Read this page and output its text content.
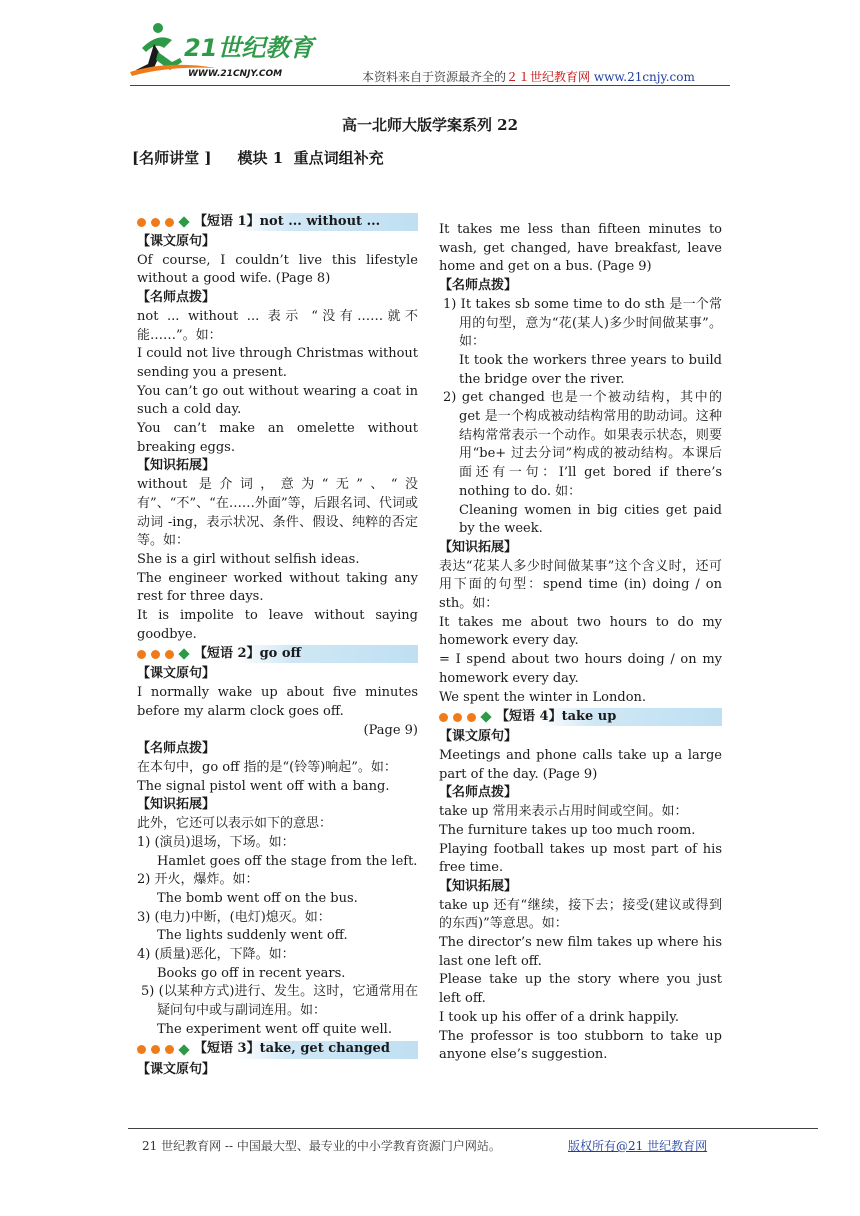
21世纪教育
WWW.21CNJY.COM	本资料来自于资源最齐全的２１世纪教育网 www.21cnjy.com
高一北师大版学案系列 22
[名师讲堂 ]     模块 1  重点词组补充
【短语 1】not ... without ...

【课文原句】

Of course, I couldn’t live this lifestyle without a good wife. (Page 8)

【名师点拨】

not ... without ... 表示 “没有……就不能……”。如：

I could not live through Christmas without sending you a present.

You can’t go out without wearing a coat in such a cold day.

You can’t make an omelette without breaking eggs.

【知识拓展】

without 是介词，意为“无”、“没有”、“不”、“在……外面”等，后跟名词、代词或动词 -ing，表示状况、条件、假设、纯粹的否定等。如：

She is a girl without selfish ideas.

The engineer worked without taking any rest for three days.

It is impolite to leave without saying goodbye.

【短语 2】go off

【课文原句】

I normally wake up about five minutes before my alarm clock goes off.

(Page 9)

【名师点拨】

在本句中，go off 指的是“(铃等)响起”。如：

The signal pistol went off with a bang.

【知识拓展】

此外，它还可以表示如下的意思：

1) (演员)退场，下场。如：

Hamlet goes off the stage from the left.

2) 开火，爆炸。如：

The bomb went off on the bus.

3) (电力)中断，(电灯)熄灭。如：

The lights suddenly went off.

4) (质量)恶化，下降。如：

Books go off in recent years.

5) (以某种方式)进行、发生。这时，它通常用在疑问句中或与副词连用。如：

The experiment went off quite well.

【短语 3】take, get changed

【课文原句】

It takes me less than fifteen minutes to wash, get changed, have breakfast, leave home and get on a bus. (Page 9)

【名师点拨】

1) It takes sb some time to do sth 是一个常用的句型，意为“花(某人)多少时间做某事”。如：

It took the workers three years to build the bridge over the river.

2) get changed 也是一个被动结构，其中的 get 是一个构成被动结构常用的助动词。这种结构常常表示一个动作。如果表示状态，则要用“be+ 过去分词”构成的被动结构。本课后面还有一句：I’ll get bored if there’s nothing to do. 如：

Cleaning women in big cities get paid by the week.

【知识拓展】

表达“花某人多少时间做某事”这个含义时，还可用下面的句型：spend time (in) doing / on sth。如：

It takes me about two hours to do my homework every day.

= I spend about two hours doing / on my homework every day.

We spent the winter in London.

【短语 4】take up

【课文原句】

Meetings and phone calls take up a large part of the day. (Page 9)

【名师点拨】

take up 常用来表示占用时间或空间。如：

The furniture takes up too much room.

Playing football takes up most part of his free time.

【知识拓展】

take up 还有“继续，接下去；接受(建议或得到的东西)”等意思。如：

The director’s new film takes up where his last one left off.

Please take up the story where you just left off.

I took up his offer of a drink happily.

The professor is too stubborn to take up anyone else’s suggestion.

21 世纪教育网 -- 中国最大型、最专业的中小学教育资源门户网站。	版权所有@21 世纪教育网
